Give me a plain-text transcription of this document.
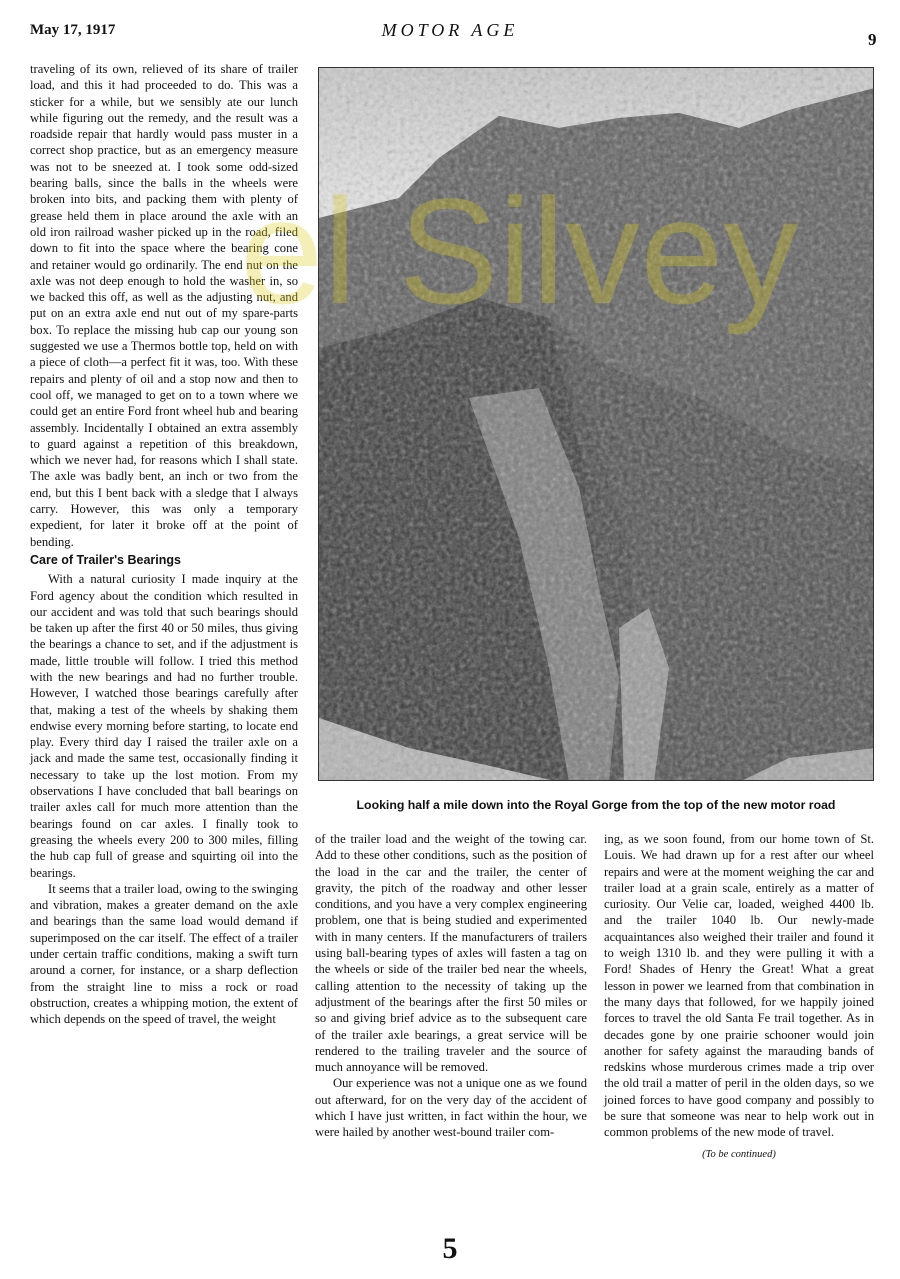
May 17, 1917	MOTOR AGE	9

traveling of its own, relieved of its share of trailer load, and this it had proceeded to do. This was a sticker for a while, but we sensibly ate our lunch while figuring out the remedy, and the result was a roadside repair that hardly would pass muster in a correct shop practice, but as an emergency measure was not to be sneezed at. I took some odd-sized bearing balls, since the balls in the wheels were broken into bits, and packing them with plenty of grease held them in place around the axle with an old iron railroad washer picked up in the road, filed down to fit into the space where the bearing cone and retainer would go ordinarily. The end nut on the axle was not deep enough to hold the washer in, so we backed this off, as well as the adjusting nut, and put on an extra axle end nut out of my spare-parts box. To replace the missing hub cap our young son suggested we use a Thermos bottle top, held on with a piece of cloth—a perfect fit it was, too. With these repairs and plenty of oil and a stop now and then to cool off, we managed to get on to a town where we could get an entire Ford front wheel hub and bearing assembly. Incidentally I obtained an extra assembly to guard against a repetition of this breakdown, which we never had, for reasons which I shall state. The axle was badly bent, an inch or two from the end, but this I bent back with a sledge that I always carry. However, this was only a temporary expedient, for later it broke off at the point of bending.

Care of Trailer's Bearings

With a natural curiosity I made inquiry at the Ford agency about the condition which resulted in our accident and was told that such bearings should be taken up after the first 40 or 50 miles, thus giving the bearings a chance to set, and if the adjustment is made, little trouble will follow. I tried this method with the new bearings and had no further trouble. However, I watched those bearings carefully after that, making a test of the wheels by shaking them endwise every morning before starting, to locate end play. Every third day I raised the trailer axle on a jack and made the same test, occasionally finding it necessary to take up the lost motion. From my observations I have concluded that ball bearings on trailer axles call for much more attention than the bearings found on car axles. I finally took to greasing the wheels every 200 to 300 miles, filling the hub cap full of grease and squirting oil into the bearings.

It seems that a trailer load, owing to the swinging and vibration, makes a greater demand on the axle and bearings than the same load would demand if superimposed on the car itself. The effect of a trailer under certain traffic conditions, making a swift turn around a corner, for instance, or a sharp deflection from the straight line to miss a rock or road obstruction, creates a whipping motion, the extent of which depends on the speed of travel, the weight

Looking half a mile down into the Royal Gorge from the top of the new motor road

of the trailer load and the weight of the towing car. Add to these other conditions, such as the position of the load in the car and the trailer, the center of gravity, the pitch of the roadway and other lesser conditions, and you have a very complex engineering problem, one that is being studied and experimented with in many centers. If the manufacturers of trailers using ball-bearing types of axles will fasten a tag on the wheels or side of the trailer bed near the wheels, calling attention to the necessity of taking up the adjustment of the bearings after the first 50 miles or so and giving brief advice as to the subsequent care of the trailer axle bearings, a great service will be rendered to the trailing traveler and the source of much annoyance will be removed.

Our experience was not a unique one as we found out afterward, for on the very day of the accident of which I have just written, in fact within the hour, we were hailed by another west-bound trailer com-

ing, as we soon found, from our home town of St. Louis. We had drawn up for a rest after our wheel repairs and were at the moment weighing the car and trailer load at a grain scale, entirely as a matter of curiosity. Our Velie car, loaded, weighed 4400 lb. and the trailer 1040 lb. Our newly-made acquaintances also weighed their trailer and found it to weigh 1310 lb. and they were pulling it with a Ford! Shades of Henry the Great! What a great lesson in power we learned from that combination in the many days that followed, for we happily joined forces to travel the old Santa Fe trail together. As in decades gone by one prairie schooner would join another for safety against the marauding bands of redskins whose murderous crimes made a trip over the old trail a matter of peril in the olden days, so we joined forces to have good company and possibly to be sure that someone was near to help work out in common problems of the new mode of travel.

(To be continued)
5
el Silvey
